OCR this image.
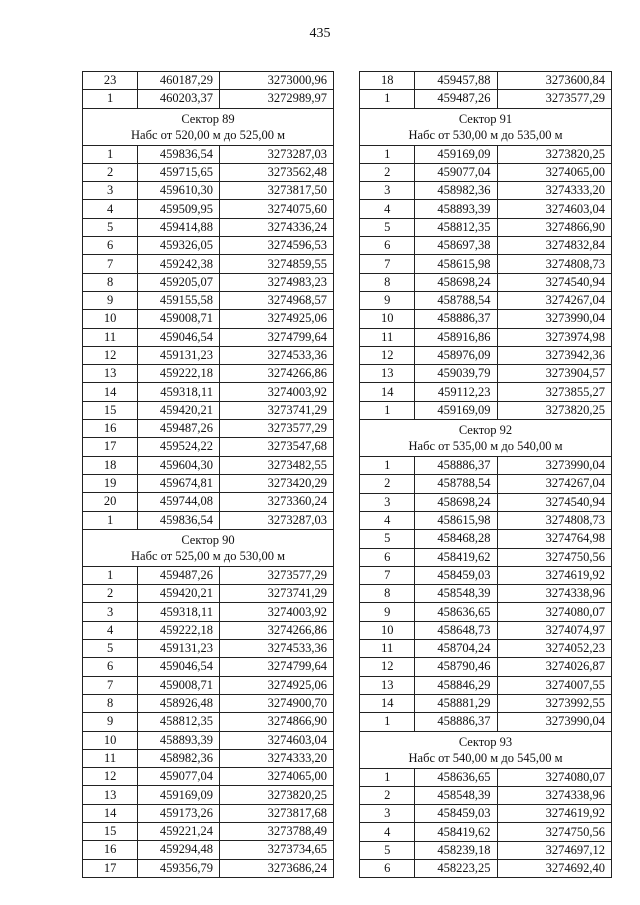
435
23	460187,29	3273000,96
1	460203,37	3272989,97

Сектор 89
Набс от 520,00 м до 525,00 м		

1	459836,54	3273287,03
2	459715,65	3273562,48
3	459610,30	3273817,50
4	459509,95	3274075,60
5	459414,88	3274336,24
6	459326,05	3274596,53
7	459242,38	3274859,55
8	459205,07	3274983,23
9	459155,58	3274968,57
10	459008,71	3274925,06
11	459046,54	3274799,64
12	459131,23	3274533,36
13	459222,18	3274266,86
14	459318,11	3274003,92
15	459420,21	3273741,29
16	459487,26	3273577,29
17	459524,22	3273547,68
18	459604,30	3273482,55
19	459674,81	3273420,29
20	459744,08	3273360,24
1	459836,54	3273287,03

Сектор 90
Набс от 525,00 м до 530,00 м		

1	459487,26	3273577,29
2	459420,21	3273741,29
3	459318,11	3274003,92
4	459222,18	3274266,86
5	459131,23	3274533,36
6	459046,54	3274799,64
7	459008,71	3274925,06
8	458926,48	3274900,70
9	458812,35	3274866,90
10	458893,39	3274603,04
11	458982,36	3274333,20
12	459077,04	3274065,00
13	459169,09	3273820,25
14	459173,26	3273817,68
15	459221,24	3273788,49
16	459294,48	3273734,65
17	459356,79	3273686,24
18	459457,88	3273600,84
1	459487,26	3273577,29

Сектор 91
Набс от 530,00 м до 535,00 м		

1	459169,09	3273820,25
2	459077,04	3274065,00
3	458982,36	3274333,20
4	458893,39	3274603,04
5	458812,35	3274866,90
6	458697,38	3274832,84
7	458615,98	3274808,73
8	458698,24	3274540,94
9	458788,54	3274267,04
10	458886,37	3273990,04
11	458916,86	3273974,98
12	458976,09	3273942,36
13	459039,79	3273904,57
14	459112,23	3273855,27
1	459169,09	3273820,25

Сектор 92
Набс от 535,00 м до 540,00 м		

1	458886,37	3273990,04
2	458788,54	3274267,04
3	458698,24	3274540,94
4	458615,98	3274808,73
5	458468,28	3274764,98
6	458419,62	3274750,56
7	458459,03	3274619,92
8	458548,39	3274338,96
9	458636,65	3274080,07
10	458648,73	3274074,97
11	458704,24	3274052,23
12	458790,46	3274026,87
13	458846,29	3274007,55
14	458881,29	3273992,55
1	458886,37	3273990,04

Сектор 93
Набс от 540,00 м до 545,00 м		

1	458636,65	3274080,07
2	458548,39	3274338,96
3	458459,03	3274619,92
4	458419,62	3274750,56
5	458239,18	3274697,12
6	458223,25	3274692,40
